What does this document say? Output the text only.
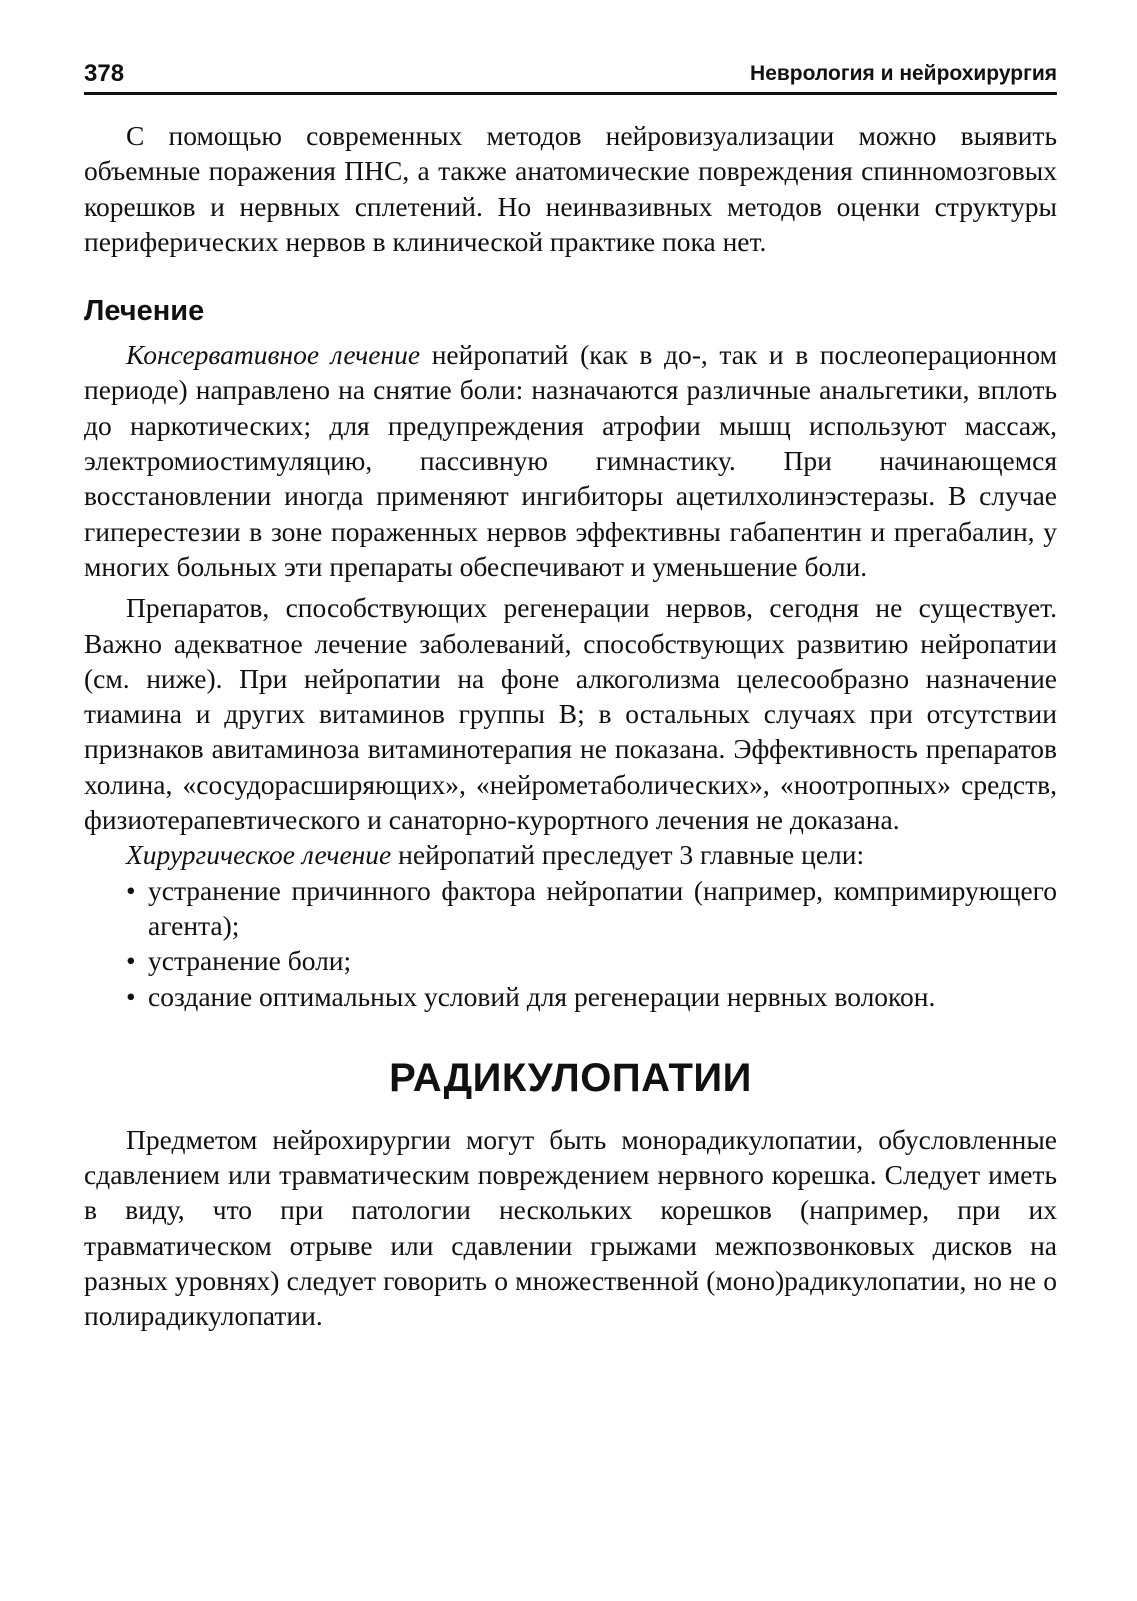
378	Неврология и нейрохирургия

С помощью современных методов нейровизуализации можно выявить объемные поражения ПНС, а также анатомические повреждения спинномозговых корешков и нервных сплетений. Но неинвазивных методов оценки структуры периферических нервов в клинической практике пока нет.

Лечение

Консервативное лечение нейропатий (как в до-, так и в послеоперационном периоде) направлено на снятие боли: назначаются различные анальгетики, вплоть до наркотических; для предупреждения атрофии мышц используют массаж, электромиостимуляцию, пассивную гимнастику. При начинающемся восстановлении иногда применяют ингибиторы ацетилхолинэстеразы. В случае гиперестезии в зоне пораженных нервов эффективны габапентин и прегабалин, у многих больных эти препараты обеспечивают и уменьшение боли.

Препаратов, способствующих регенерации нервов, сегодня не существует. Важно адекватное лечение заболеваний, способствующих развитию нейропатии (см. ниже). При нейропатии на фоне алкоголизма целесообразно назначение тиамина и других витаминов группы В; в остальных случаях при отсутствии признаков авитаминоза витаминотерапия не показана. Эффективность препаратов холина, «сосудорасширяющих», «нейрометаболических», «ноотропных» средств, физиотерапевтического и санаторно-курортного лечения не доказана.

Хирургическое лечение нейропатий преследует 3 главные цели:

• устранение причинного фактора нейропатии (например, компримирующего агента);
• устранение боли;
• создание оптимальных условий для регенерации нервных волокон.
РАДИКУЛОПАТИИ

Предметом нейрохирургии могут быть монорадикулопатии, обусловленные сдавлением или травматическим повреждением нервного корешка. Следует иметь в виду, что при патологии нескольких корешков (например, при их травматическом отрыве или сдавлении грыжами межпозвонковых дисков на разных уровнях) следует говорить о множественной (моно)радикулопатии, но не о полирадикулопатии.
